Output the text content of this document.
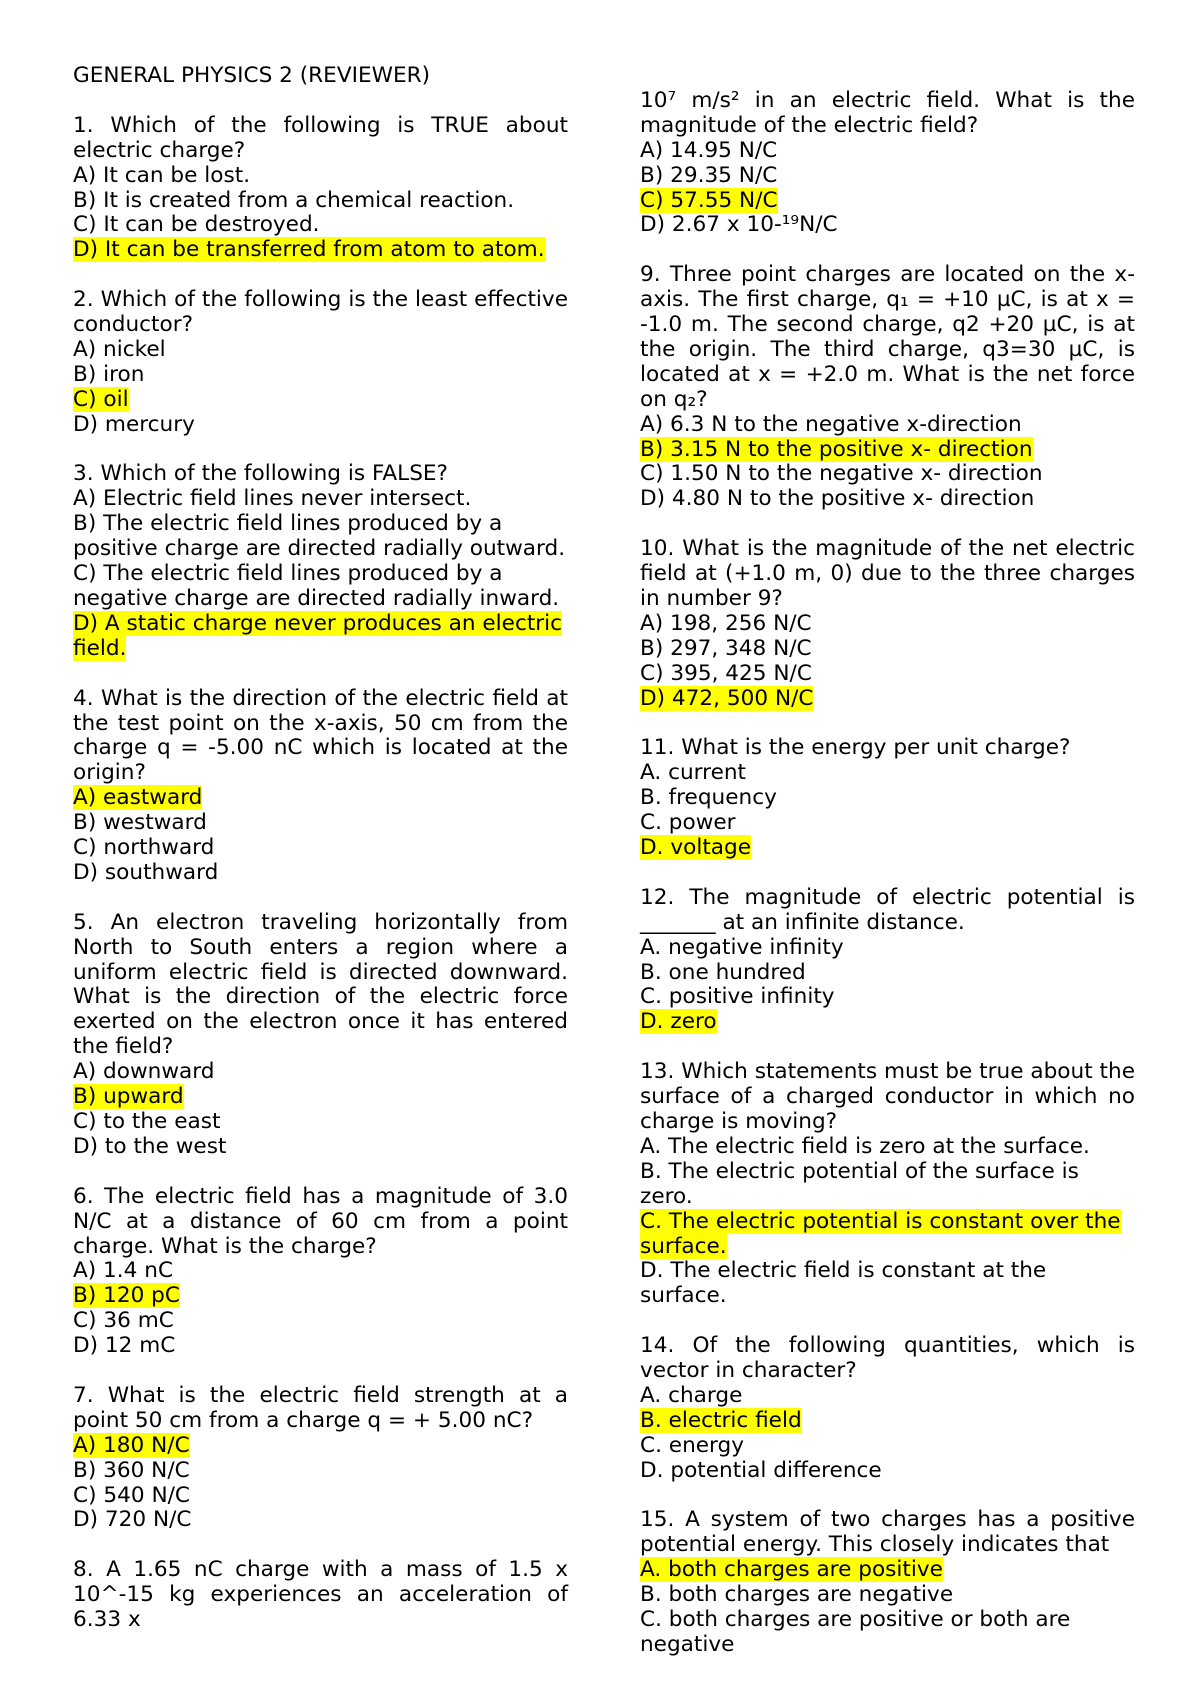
GENERAL PHYSICS 2 (REVIEWER)

1. Which of the following is TRUE about electric charge?

A) It can be lost.
B) It is created from a chemical reaction.
C) It can be destroyed.
D) It can be transferred from atom to atom.

2. Which of the following is the least effective conductor?

A) nickel
B) iron
C) oil
D) mercury

3. Which of the following is FALSE?

A) Electric field lines never intersect.
B) The electric field lines produced by a positive charge are directed radially outward.
C) The electric field lines produced by a negative charge are directed radially inward.
D) A static charge never produces an electric field.

4. What is the direction of the electric field at the test point on the x-axis, 50 cm from the charge q = -5.00 nC which is located at the origin?

A) eastward
B) westward
C) northward
D) southward

5. An electron traveling horizontally from North to South enters a region where a uniform electric field is directed downward. What is the direction of the electric force exerted on the electron once it has entered the field?

A) downward
B) upward
C) to the east
D) to the west

6. The electric field has a magnitude of 3.0 N/C at a distance of 60 cm from a point charge. What is the charge?

A) 1.4 nC
B) 120 pC
C) 36 mC
D) 12 mC

7. What is the electric field strength at a point 50 cm from a charge q = + 5.00 nC?

A) 180 N/C
B) 360 N/C
C) 540 N/C
D) 720 N/C

8. A 1.65 nC charge with a mass of 1.5 x 10^-15 kg experiences an acceleration of 6.33 x

10⁷ m/s² in an electric field. What is the magnitude of the electric field?

A) 14.95 N/C
B) 29.35 N/C
C) 57.55 N/C
D) 2.67 x 10-¹⁹N/C

9. Three point charges are located on the x-axis. The first charge, q₁ = +10 µC, is at x = -1.0 m. The second charge, q2 +20 µC, is at the origin. The third charge, q3=30 µC, is located at x = +2.0 m. What is the net force on q₂?

A) 6.3 N to the negative x-direction
B) 3.15 N to the positive x- direction
C) 1.50 N to the negative x- direction
D) 4.80 N to the positive x- direction

10. What is the magnitude of the net electric field at (+1.0 m, 0) due to the three charges in number 9?

A) 198, 256 N/C
B) 297, 348 N/C
C) 395, 425 N/C
D) 472, 500 N/C

11. What is the energy per unit charge?

A. current
B. frequency
C. power
D. voltage

12. The magnitude of electric potential is _______ at an infinite distance.

A. negative infinity
B. one hundred
C. positive infinity
D. zero

13. Which statements must be true about the surface of a charged conductor in which no charge is moving?

A. The electric field is zero at the surface.
B. The electric potential of the surface is zero.
C. The electric potential is constant over the surface.
D. The electric field is constant at the surface.

14. Of the following quantities, which is vector in character?

A. charge
B. electric field
C. energy
D. potential difference

15. A system of two charges has a positive potential energy. This closely indicates that

A. both charges are positive
B. both charges are negative
C. both charges are positive or both are negative
